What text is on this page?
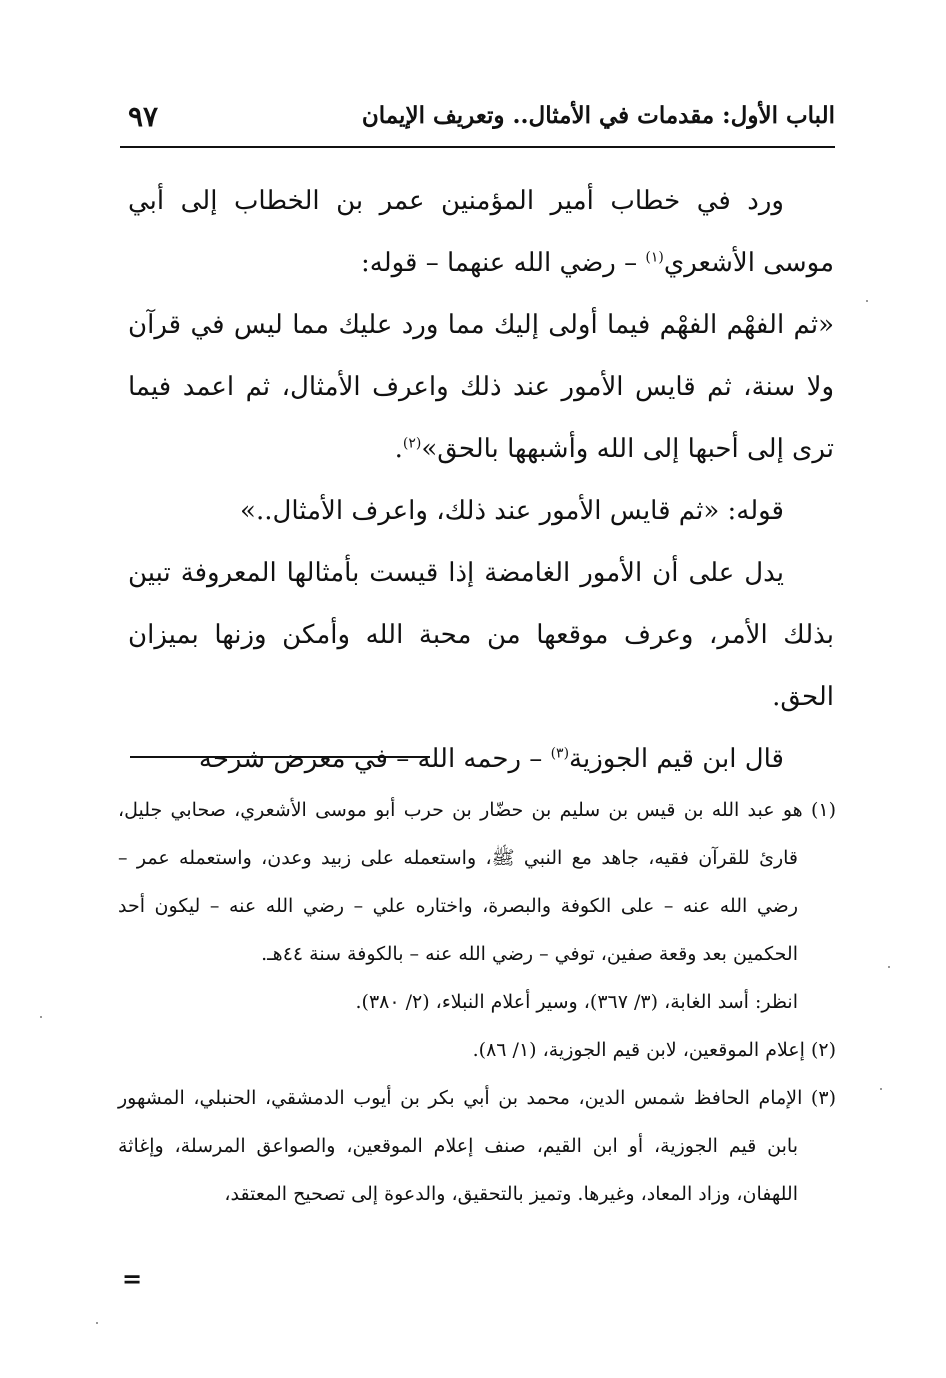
الباب الأول: مقدمات في الأمثال.. وتعريف الإيمان
٩٧

ورد في خطاب أمير المؤمنين عمر بن الخطاب إلى أبي موسى الأشعري$^{(١)}$ – رضي الله عنهما – قوله:

«ثم الفهْم الفهْم فيما أولى إليك مما ورد عليك مما ليس في قرآن ولا سنة، ثم قايس الأمور عند ذلك واعرف الأمثال، ثم اعمد فيما ترى إلى أحبها إلى الله وأشبهها بالحق»$^{(٢)}$.

قوله: «ثم قايس الأمور عند ذلك، واعرف الأمثال..»

يدل على أن الأمور الغامضة إذا قيست بأمثالها المعروفة تبين بذلك الأمر، وعرف موقعها من محبة الله وأمكن وزنها بميزان الحق.

قال ابن قيم الجوزية$^{(٣)}$ – رحمه الله – في معرض شرحه

(١) هو عبد الله بن قيس بن سليم بن حضّار بن حرب أبو موسى الأشعري، صحابي جليل، قارئ للقرآن فقيه، جاهد مع النبي ﷺ، واستعمله على زبيد وعدن، واستعمله عمر – رضي الله عنه – على الكوفة والبصرة، واختاره علي – رضي الله عنه – ليكون أحد الحكمين بعد وقعة صفين، توفي – رضي الله عنه – بالكوفة سنة ٤٤هـ.

انظر: أسد الغابة، (٣/ ٣٦٧)، وسير أعلام النبلاء، (٢/ ٣٨٠).

(٢) إعلام الموقعين، لابن قيم الجوزية، (١/ ٨٦).

(٣) الإمام الحافظ شمس الدين، محمد بن أبي بكر بن أيوب الدمشقي، الحنبلي، المشهور بابن قيم الجوزية، أو ابن القيم، صنف إعلام الموقعين، والصواعق المرسلة، وإغاثة اللهفان، وزاد المعاد، وغيرها. وتميز بالتحقيق، والدعوة إلى تصحيح المعتقد،

=
